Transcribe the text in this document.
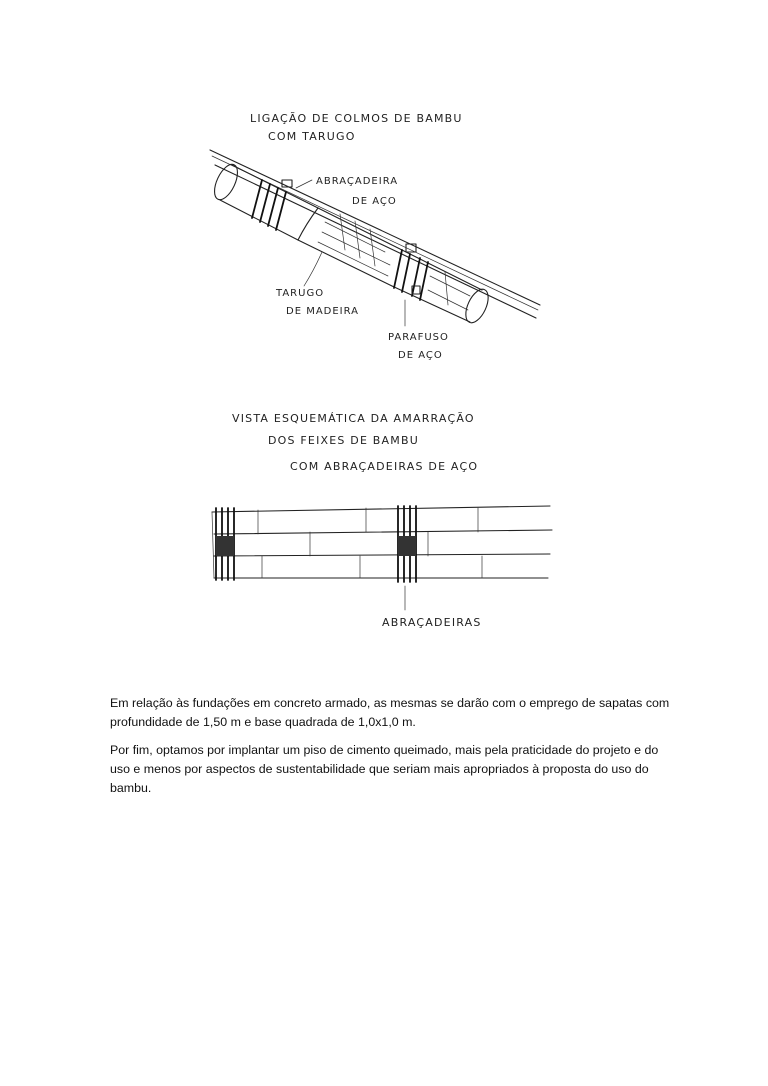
LIGAÇÃO DE COLMOS DE BAMBU
COM TARUGO
ABRAÇADEIRA
DE AÇO
TARUGO
DE MADEIRA
PARAFUSO
DE AÇO
VISTA ESQUEMÁTICA DA AMARRAÇÃO
DOS FEIXES DE BAMBU
COM ABRAÇADEIRAS DE AÇO
ABRAÇADEIRAS

Em relação às fundações em concreto armado, as mesmas se darão com o emprego de sapatas com profundidade de 1,50 m e base quadrada de 1,0x1,0 m.

Por fim, optamos por implantar um piso de cimento queimado, mais pela praticidade do projeto e do uso e menos por aspectos de sustentabilidade que seriam mais apropriados à proposta do uso do bambu.
